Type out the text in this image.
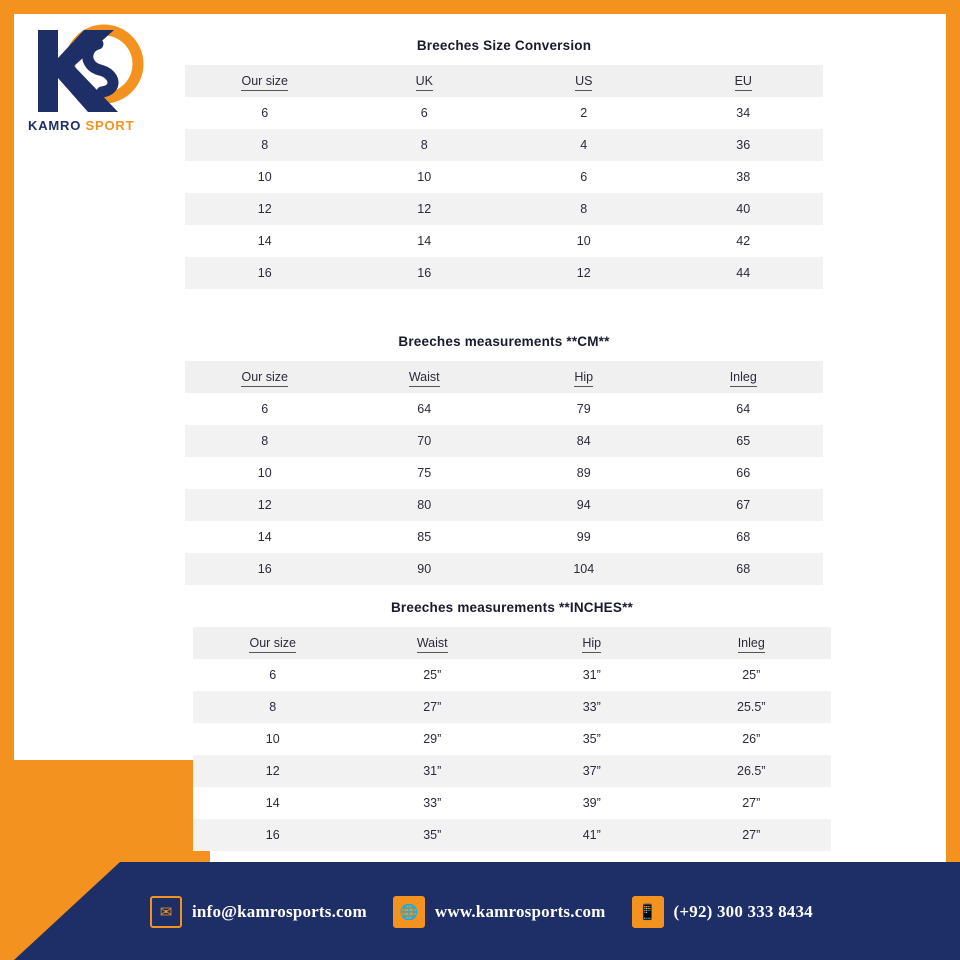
KAMRO SPORT
Breeches Size Conversion
Our size	UK	US	EU
6	6	2	34
8	8	4	36
10	10	6	38
12	12	8	40
14	14	10	42
16	16	12	44
Breeches measurements **CM**
Our size	Waist	Hip	Inleg
6	64	79	64
8	70	84	65
10	75	89	66
12	80	94	67
14	85	99	68
16	90	104	68
Breeches measurements **INCHES**
Our size	Waist	Hip	Inleg
6	25”	31”	25”
8	27”	33”	25.5”
10	29”	35”	26”
12	31”	37”	26.5”
14	33”	39”	27”
16	35”	41”	27”
✉	info@kamrosports.com	🌐 www.kamrosports.com	📱 (+92) 300 333 8434
